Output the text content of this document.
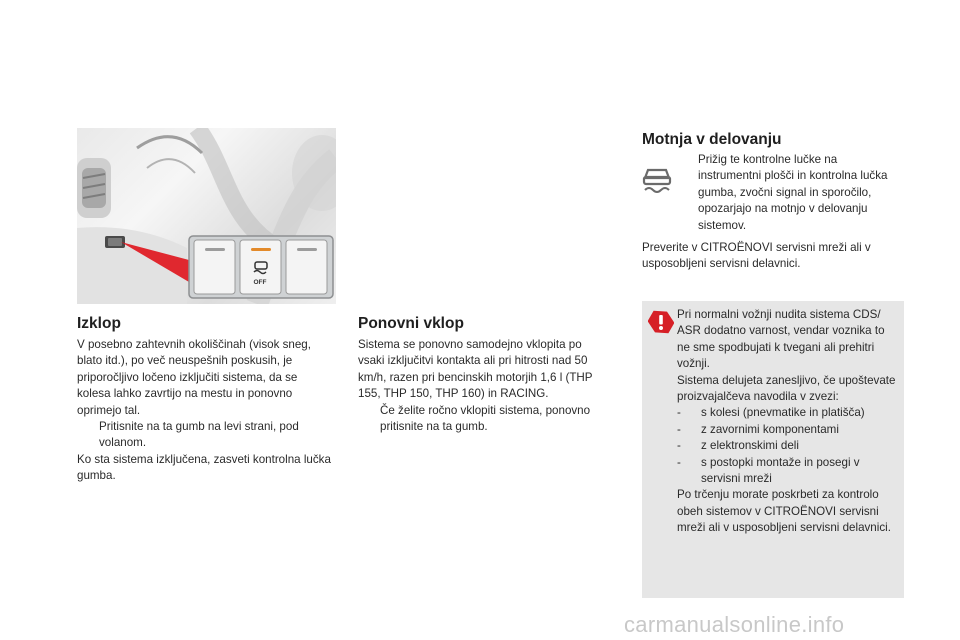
OFF
Izklop

V posebno zahtevnih okoliščinah (visok sneg, blato itd.), po več neuspešnih poskusih, je priporočljivo ločeno izključiti sistema, da se kolesa lahko zavrtijo na mestu in ponovno oprimejo tal.

Pritisnite na ta gumb na levi strani, pod volanom.

Ko sta sistema izključena, zasveti kontrolna lučka gumba.

Ponovni vklop

Sistema se ponovno samodejno vklopita po vsaki izključitvi kontakta ali pri hitrosti nad 50 km/h, razen pri bencinskih motorjih 1,6 l (THP 155, THP 150, THP 160) in RACING.

Če želite ročno vklopiti sistema, ponovno pritisnite na ta gumb.
Motnja v delovanju

Prižig te kontrolne lučke na instrumentni plošči in kontrolna lučka gumba, zvočni signal in sporočilo, opozarjajo na motnjo v delovanju sistemov.

Preverite v CITROËNOVI servisni mreži ali v usposobljeni servisni delavnici.

Pri normalni vožnji nudita sistema CDS/ ASR dodatno varnost, vendar voznika to ne sme spodbujati k tvegani ali prehitri vožnji.

Sistema delujeta zanesljivo, če upoštevate proizvajalčeva navodila v zvezi:

-	s kolesi (pnevmatike in platišča)
-	z zavornimi komponentami
-	z elektronskimi deli
-	s postopki montaže in posegi v servisni mreži

Po trčenju morate poskrbeti za kontrolo obeh sistemov v CITROËNOVI servisni mreži ali v usposobljeni servisni delavnici.

carmanualsonline.info
